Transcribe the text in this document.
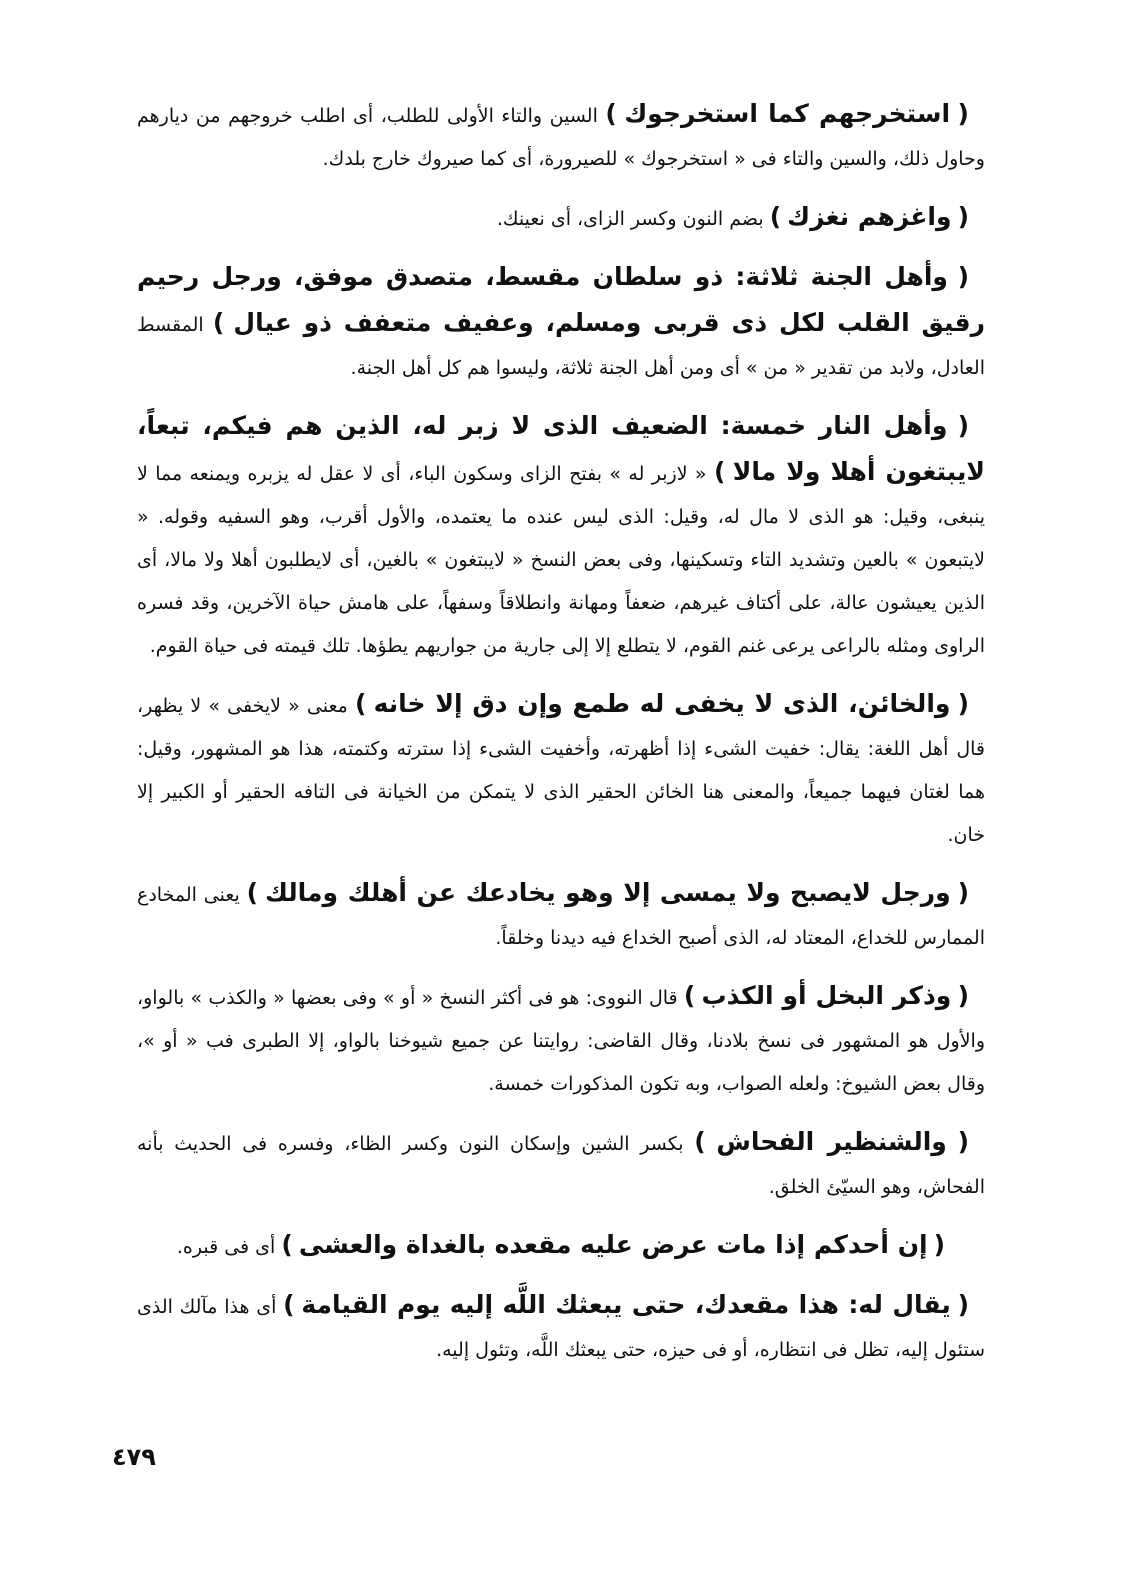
( استخرجهم كما استخرجوك ) السين والتاء الأولى للطلب، أى اطلب خروجهم من ديارهم وحاول ذلك، والسين والتاء فى « استخرجوك » للصيرورة، أى كما صيروك خارج بلدك.

( واغزهم نغزك ) بضم النون وكسر الزاى، أى نعينك.

( وأهل الجنة ثلاثة: ذو سلطان مقسط، متصدق موفق، ورجل رحيم رقيق القلب لكل ذى قربى ومسلم، وعفيف متعفف ذو عيال ) المقسط العادل، ولابد من تقدير « من » أى ومن أهل الجنة ثلاثة، وليسوا هم كل أهل الجنة.

( وأهل النار خمسة: الضعيف الذى لا زبر له، الذين هم فيكم، تبعاً، لايبتغون أهلا ولا مالا ) « لازبر له » بفتح الزاى وسكون الباء، أى لا عقل له يزبره ويمنعه مما لا ينبغى، وقيل: هو الذى لا مال له، وقيل: الذى ليس عنده ما يعتمده، والأول أقرب، وهو السفيه وقوله. « لايتبعون » بالعين وتشديد التاء وتسكينها، وفى بعض النسخ « لايبتغون » بالغين، أى لايطلبون أهلا ولا مالا، أى الذين يعيشون عالة، على أكتاف غيرهم، ضعفاً ومهانة وانطلاقاً وسفهاً، على هامش حياة الآخرين، وقد فسره الراوى ومثله بالراعى يرعى غنم القوم، لا يتطلع إلا إلى جارية من جواريهم يطؤها. تلك قيمته فى حياة القوم.

( والخائن، الذى لا يخفى له طمع وإن دق إلا خانه ) معنى « لايخفى » لا يظهر، قال أهل اللغة: يقال: خفيت الشىء إذا أظهرته، وأخفيت الشىء إذا سترته وكتمته، هذا هو المشهور، وقيل: هما لغتان فيهما جميعاً، والمعنى هنا الخائن الحقير الذى لا يتمكن من الخيانة فى التافه الحقير أو الكبير إلا خان.

( ورجل لايصبح ولا يمسى إلا وهو يخادعك عن أهلك ومالك ) يعنى المخادع الممارس للخداع، المعتاد له، الذى أصبح الخداع فيه ديدنا وخلقاً.

( وذكر البخل أو الكذب ) قال النووى: هو فى أكثر النسخ « أو » وفى بعضها « والكذب » بالواو، والأول هو المشهور فى نسخ بلادنا، وقال القاضى: روايتنا عن جميع شيوخنا بالواو، إلا الطبرى فب « أو »، وقال بعض الشيوخ: ولعله الصواب، وبه تكون المذكورات خمسة.

( والشنظير الفحاش ) بكسر الشين وإسكان النون وكسر الظاء، وفسره فى الحديث بأنه الفحاش، وهو السيّئ الخلق.

( إن أحدكم إذا مات عرض عليه مقعده بالغداة والعشى ) أى فى قبره.

( يقال له: هذا مقعدك، حتى يبعثك اللَّه إليه يوم القيامة ) أى هذا مآلك الذى ستئول إليه، تظل فى انتظاره، أو فى حيزه، حتى يبعثك اللَّه، وتئول إليه.

٤٧٩
